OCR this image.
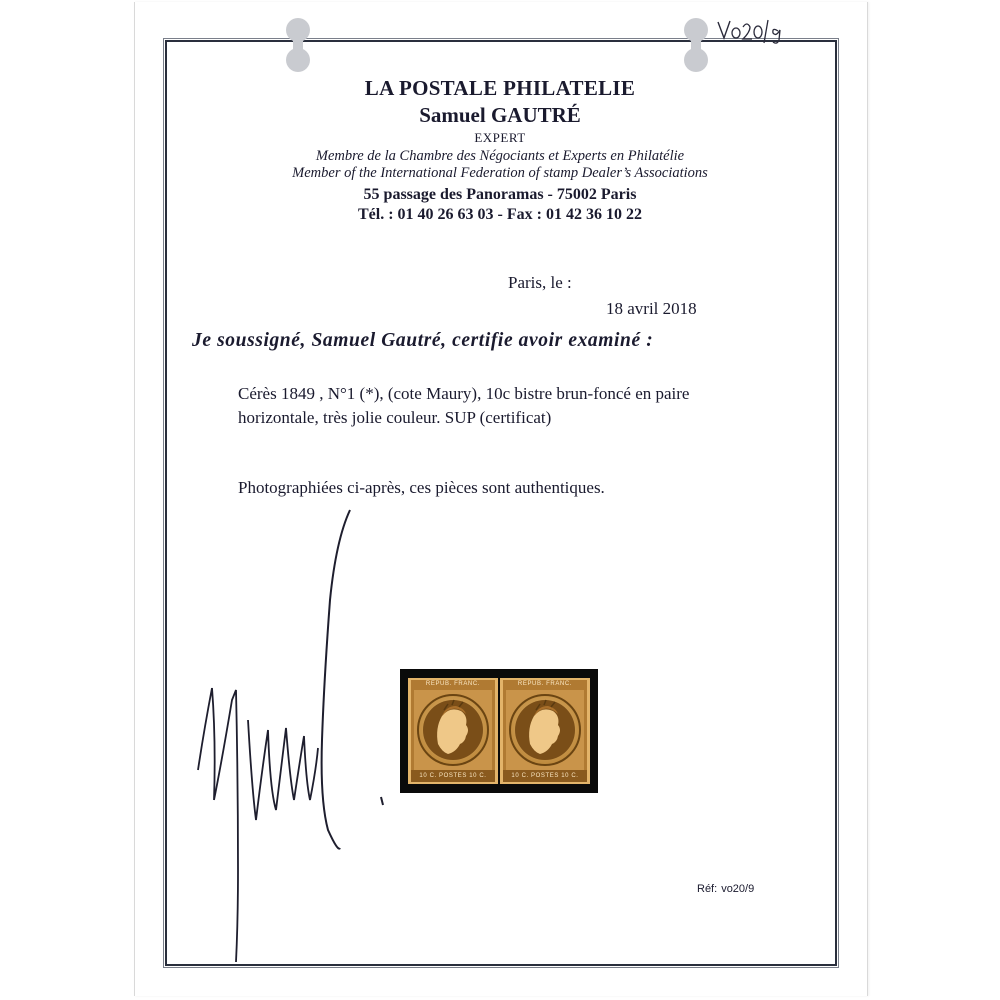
LA POSTALE PHILATELIE
Samuel GAUTRÉ
EXPERT
Membre de la Chambre des Négociants et Experts en Philatélie
Member of the International Federation of stamp Dealer’s Associations
55 passage des Panoramas - 75002 Paris
Tél. : 01 40 26 63 03 - Fax : 01 42 36 10 22
Paris, le :
18 avril 2018
Je soussigné, Samuel Gautré, certifie avoir examiné :
Cérès 1849 , N°1 (*), (cote Maury), 10c bistre brun-foncé en paire
horizontale, très jolie couleur. SUP (certificat)
Photographiées ci-après, ces pièces sont authentiques.
REPUB. FRANC.
10 C. POSTES 10 C.
REPUB. FRANC.
10 C. POSTES 10 C.
Réf: vo20/9
